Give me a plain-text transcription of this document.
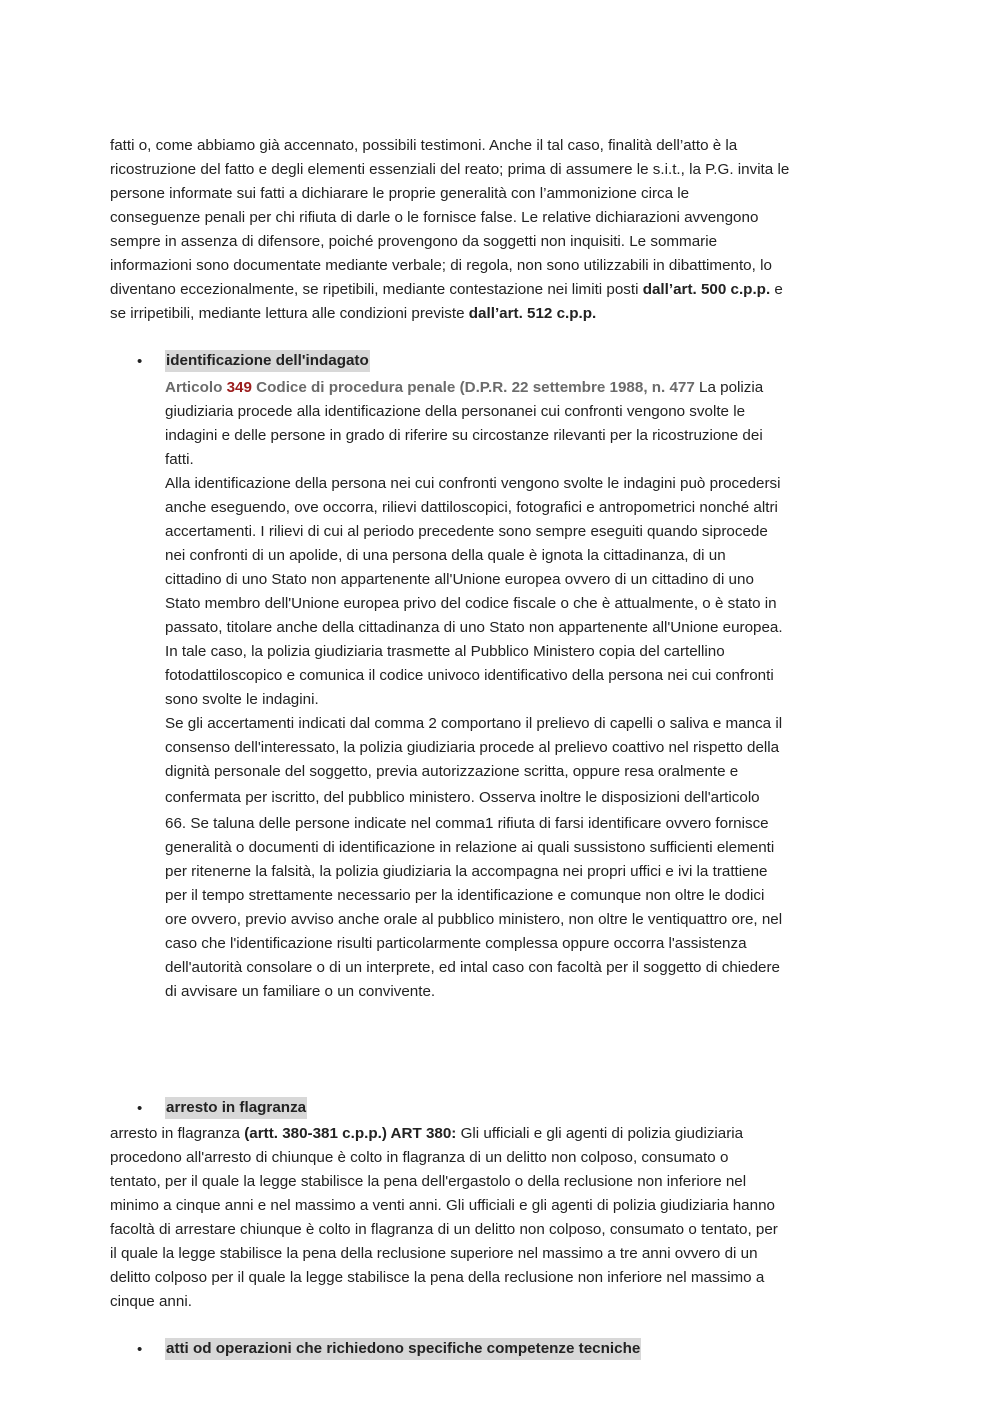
fatti o, come abbiamo già accennato, possibili testimoni. Anche il tal caso, finalità dell’atto è la
ricostruzione del fatto e degli elementi essenziali del reato; prima di assumere le s.i.t., la P.G. invita le
persone informate sui fatti a dichiarare le proprie generalità con l’ammonizione circa le
conseguenze penali per chi rifiuta di darle o le fornisce false. Le relative dichiarazioni avvengono
sempre in assenza di difensore, poiché provengono da soggetti non inquisiti. Le sommarie
informazioni sono documentate mediante verbale; di regola, non sono utilizzabili in dibattimento, lo
diventano eccezionalmente, se ripetibili, mediante contestazione nei limiti posti dall’art. 500 c.p.p. e
se irripetibili, mediante lettura alle condizioni previste dall’art. 512 c.p.p.

• identificazione dell'indagato

Articolo 349 Codice di procedura penale (D.P.R. 22 settembre 1988, n. 477 La polizia
giudiziaria procede alla identificazione della personanei cui confronti vengono svolte le
indagini e delle persone in grado di riferire su circostanze rilevanti per la ricostruzione dei
fatti.
Alla identificazione della persona nei cui confronti vengono svolte le indagini può procedersi
anche eseguendo, ove occorra, rilievi dattiloscopici, fotografici e antropometrici nonché altri
accertamenti. I rilievi di cui al periodo precedente sono sempre eseguiti quando siprocede
nei confronti di un apolide, di una persona della quale è ignota la cittadinanza, di un
cittadino di uno Stato non appartenente all'Unione europea ovvero di un cittadino di uno
Stato membro dell'Unione europea privo del codice fiscale o che è attualmente, o è stato in
passato, titolare anche della cittadinanza di uno Stato non appartenente all'Unione europea.
In tale caso, la polizia giudiziaria trasmette al Pubblico Ministero copia del cartellino
fotodattiloscopico e comunica il codice univoco identificativo della persona nei cui confronti
sono svolte le indagini.
Se gli accertamenti indicati dal comma 2 comportano il prelievo di capelli o saliva e manca il
consenso dell'interessato, la polizia giudiziaria procede al prelievo coattivo nel rispetto della
dignità personale del soggetto, previa autorizzazione scritta, oppure resa oralmente e
confermata per iscritto, del pubblico ministero. Osserva inoltre le disposizioni dell'articolo
66. Se taluna delle persone indicate nel comma1 rifiuta di farsi identificare ovvero fornisce
generalità o documenti di identificazione in relazione ai quali sussistono sufficienti elementi
per ritenerne la falsità, la polizia giudiziaria la accompagna nei propri uffici e ivi la trattiene
per il tempo strettamente necessario per la identificazione e comunque non oltre le dodici
ore ovvero, previo avviso anche orale al pubblico ministero, non oltre le ventiquattro ore, nel
caso che l'identificazione risulti particolarmente complessa oppure occorra l'assistenza
dell'autorità consolare o di un interprete, ed intal caso con facoltà per il soggetto di chiedere
di avvisare un familiare o un convivente.

• arresto in flagranza

arresto in flagranza (artt. 380-381 c.p.p.) ART 380: Gli ufficiali e gli agenti di polizia giudiziaria
procedono all'arresto di chiunque è colto in flagranza di un delitto non colposo, consumato o
tentato, per il quale la legge stabilisce la pena dell'ergastolo o della reclusione non inferiore nel
minimo a cinque anni e nel massimo a venti anni. Gli ufficiali e gli agenti di polizia giudiziaria hanno
facoltà di arrestare chiunque è colto in flagranza di un delitto non colposo, consumato o tentato, per
il quale la legge stabilisce la pena della reclusione superiore nel massimo a tre anni ovvero di un
delitto colposo per il quale la legge stabilisce la pena della reclusione non inferiore nel massimo a
cinque anni.

• atti od operazioni che richiedono specifiche competenze tecniche
